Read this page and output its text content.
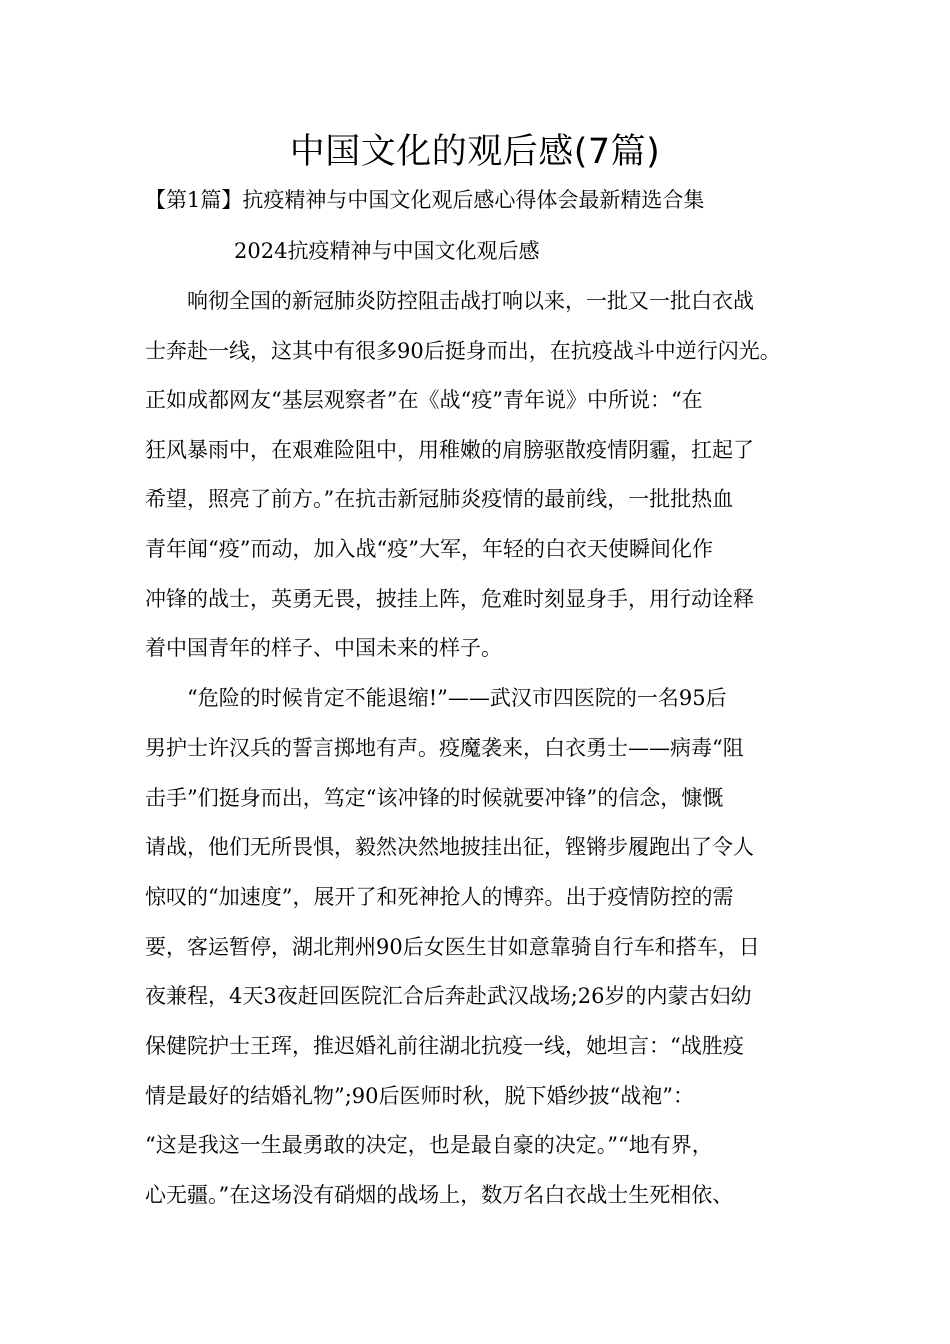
中国文化的观后感(7篇)

【第1篇】抗疫精神与中国文化观后感心得体会最新精选合集

2024抗疫精神与中国文化观后感

　　响彻全国的新冠肺炎防控阻击战打响以来，一批又一批白衣战

士奔赴一线，这其中有很多90后挺身而出，在抗疫战斗中逆行闪光。

正如成都网友“基层观察者”在《战“疫”青年说》中所说：“在

狂风暴雨中，在艰难险阻中，用稚嫩的肩膀驱散疫情阴霾，扛起了

希望，照亮了前方。”在抗击新冠肺炎疫情的最前线，一批批热血

青年闻“疫”而动，加入战“疫”大军，年轻的白衣天使瞬间化作

冲锋的战士，英勇无畏，披挂上阵，危难时刻显身手，用行动诠释

着中国青年的样子、中国未来的样子。

　　“危险的时候肯定不能退缩!”——武汉市四医院的一名95后

男护士许汉兵的誓言掷地有声。疫魔袭来，白衣勇士——病毒“阻

击手”们挺身而出，笃定“该冲锋的时候就要冲锋”的信念，慷慨

请战，他们无所畏惧，毅然决然地披挂出征，铿锵步履跑出了令人

惊叹的“加速度”，展开了和死神抢人的博弈。出于疫情防控的需

要，客运暂停，湖北荆州90后女医生甘如意靠骑自行车和搭车，日

夜兼程，4天3夜赶回医院汇合后奔赴武汉战场;26岁的内蒙古妇幼

保健院护士王珲，推迟婚礼前往湖北抗疫一线，她坦言：“战胜疫

情是最好的结婚礼物”;90后医师时秋，脱下婚纱披“战袍”：

“这是我这一生最勇敢的决定，也是最自豪的决定。”“地有界，

心无疆。”在这场没有硝烟的战场上，数万名白衣战士生死相依、
